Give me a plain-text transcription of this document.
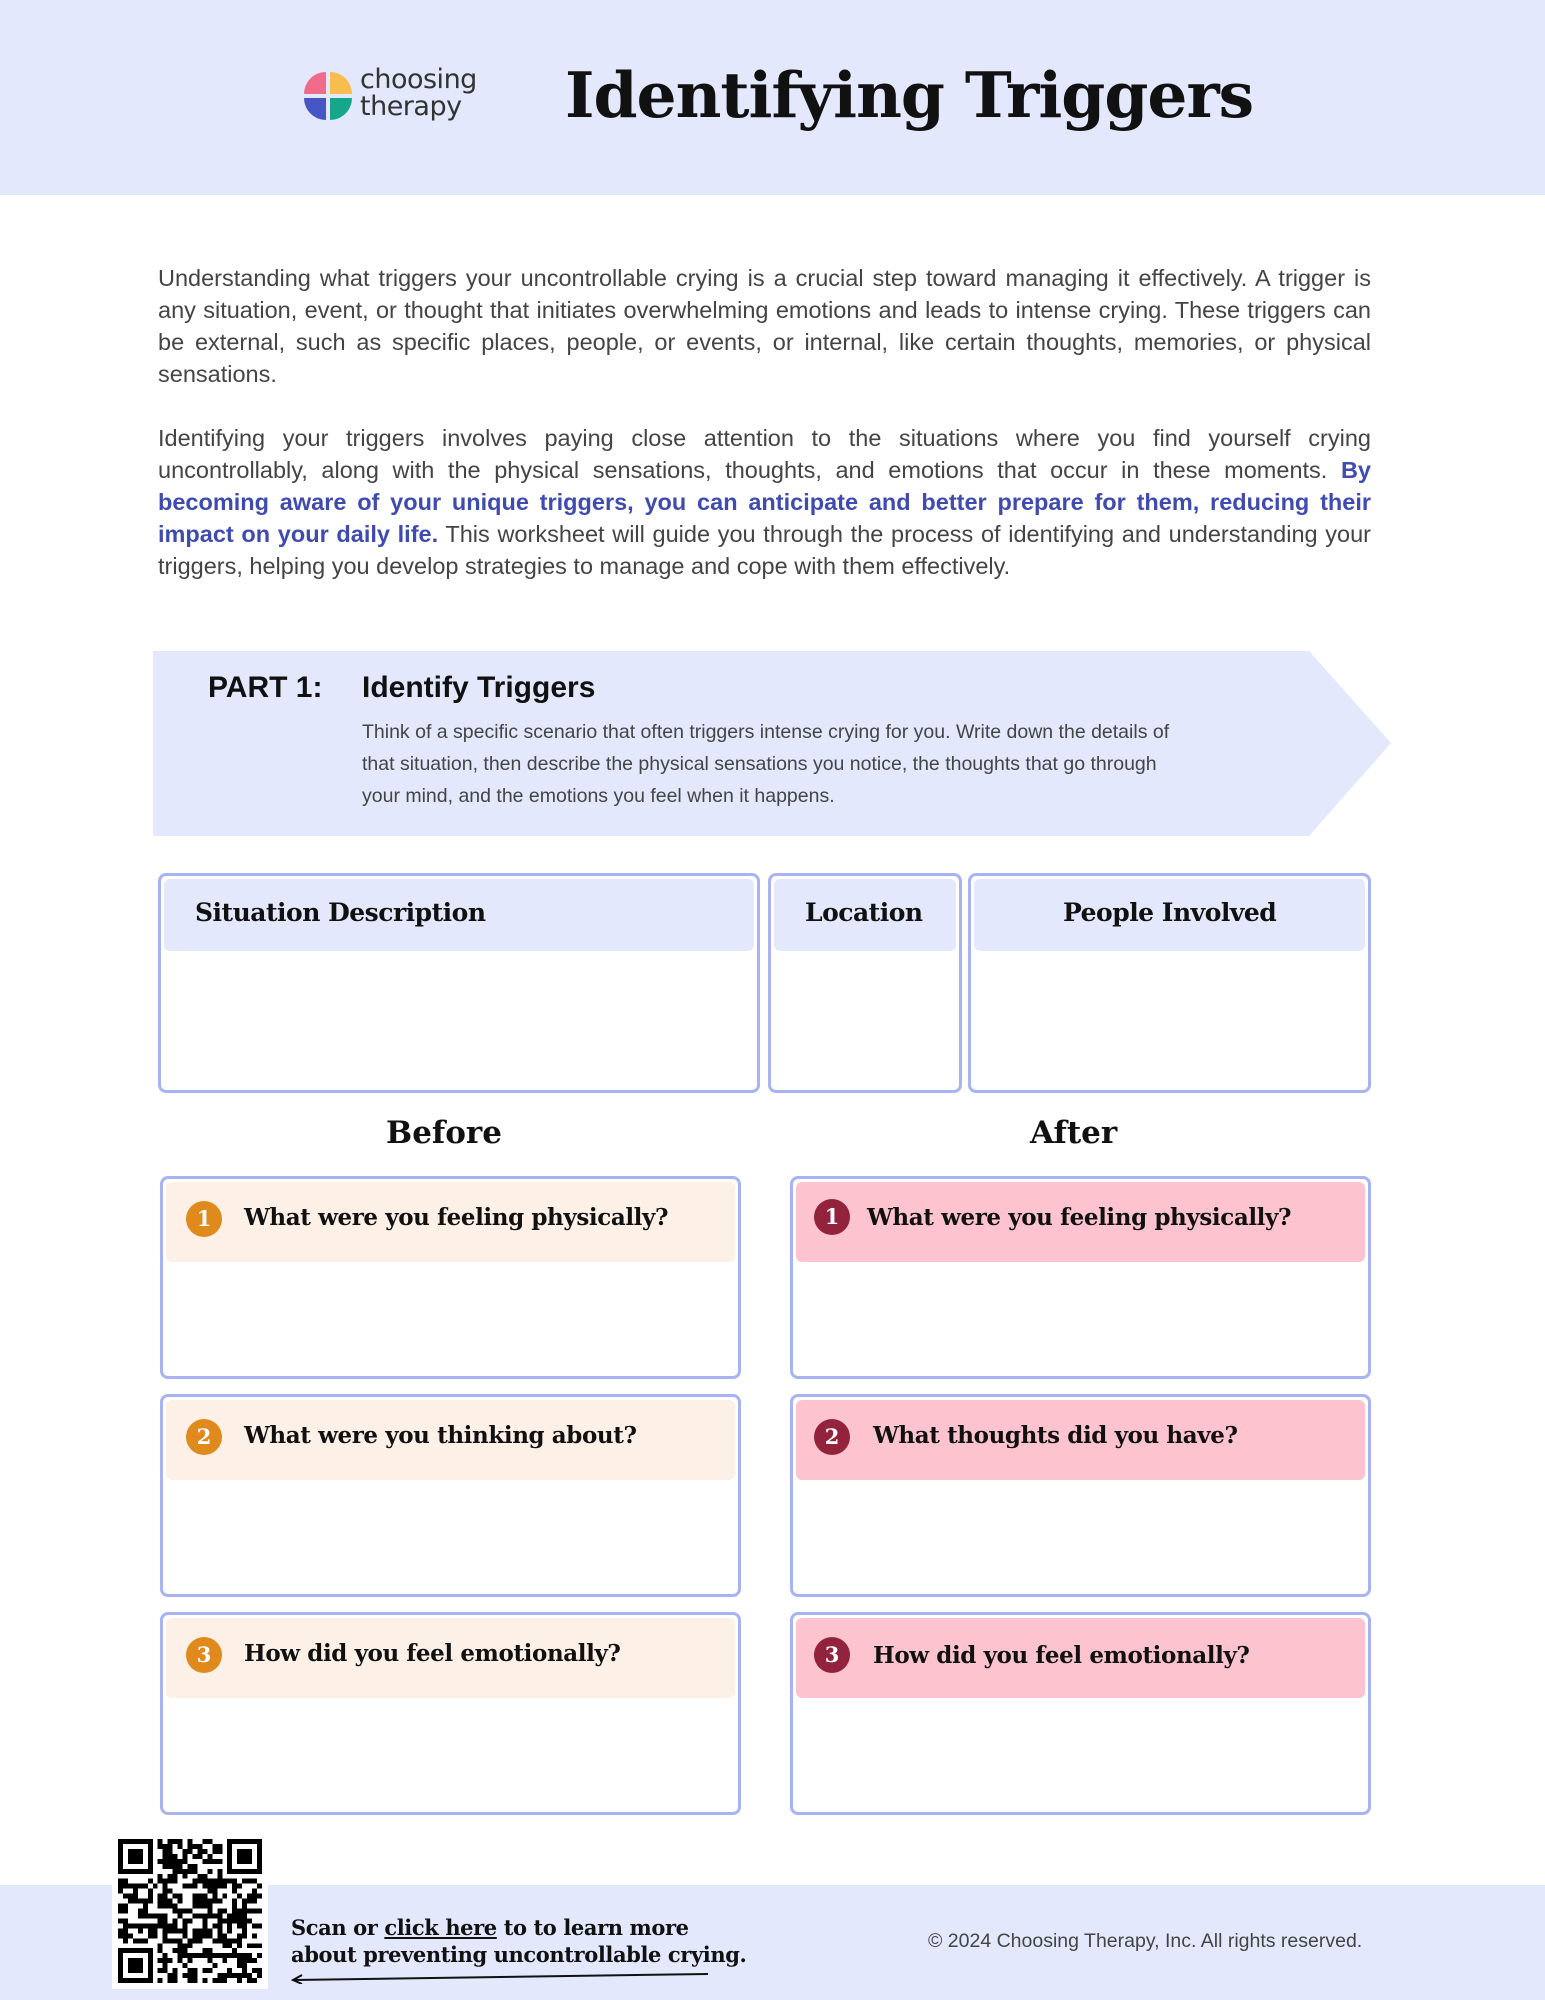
choosing
therapy Identifying Triggers

Understanding what triggers your uncontrollable crying is a crucial step toward managing it effectively. A trigger is any situation, event, or thought that initiates overwhelming emotions and leads to intense crying. These triggers can be external, such as specific places, people, or events, or internal, like certain thoughts, memories, or physical sensations.

Identifying your triggers involves paying close attention to the situations where you find yourself crying uncontrollably, along with the physical sensations, thoughts, and emotions that occur in these moments. By becoming aware of your unique triggers, you can anticipate and better prepare for them, reducing their impact on your daily life. This worksheet will guide you through the process of identifying and understanding your triggers, helping you develop strategies to manage and cope with them effectively.

PART 1: Identify Triggers
Think of a specific scenario that often triggers intense crying for you. Write down the details of that situation, then describe the physical sensations you notice, the thoughts that go through your mind, and the emotions you feel when it happens.
Situation Description	Location	People Involved
Before	After
1	What were you feeling physically?
2	What were you thinking about?
3	How did you feel emotionally?
1	What were you feeling physically?
2	What thoughts did you have?
3	How did you feel emotionally?
Scan or click here to to learn more
about preventing uncontrollable crying.
© 2024 Choosing Therapy, Inc. All rights reserved.
